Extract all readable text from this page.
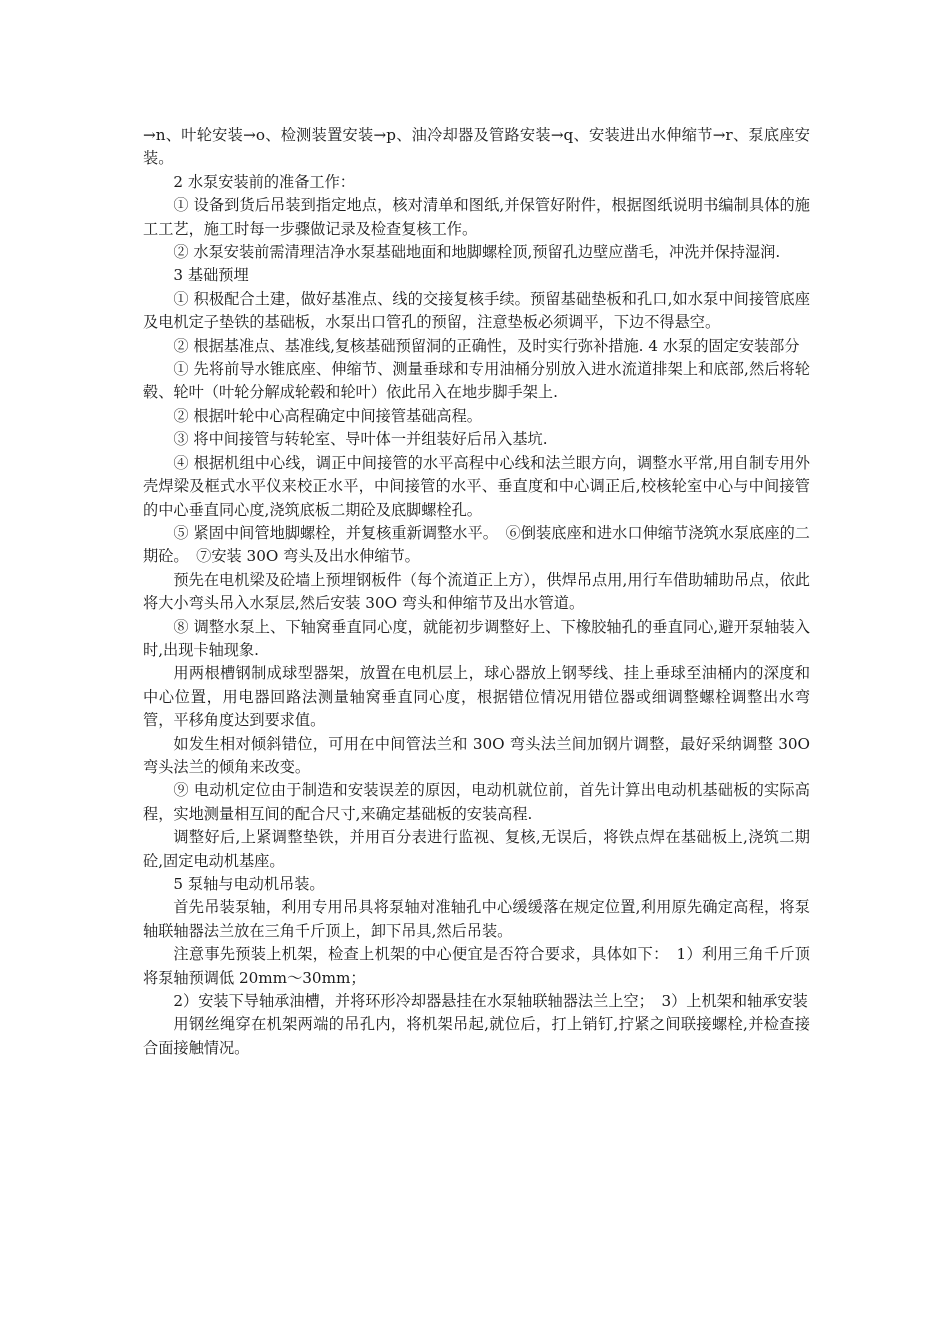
→n、叶轮安装→o、检测装置安装→p、油冷却器及管路安装→q、安装进出水伸缩节→r、泵底座安装。

2 水泵安装前的准备工作：

① 设备到货后吊装到指定地点，核对清单和图纸,并保管好附件，根据图纸说明书编制具体的施工工艺，施工时每一步骤做记录及检查复核工作。

② 水泵安装前需清理洁净水泵基础地面和地脚螺栓顶,预留孔边壁应凿毛，冲洗并保持湿润.

3 基础预埋

① 积极配合土建，做好基准点、线的交接复核手续。预留基础垫板和孔口,如水泵中间接管底座及电机定子垫铁的基础板，水泵出口管孔的预留，注意垫板必须调平，下边不得悬空。

② 根据基准点、基准线,复核基础预留洞的正确性，及时实行弥补措施. 4 水泵的固定安装部分

① 先将前导水锥底座、伸缩节、测量垂球和专用油桶分别放入进水流道排架上和底部,然后将轮毂、轮叶（叶轮分解成轮毂和轮叶）依此吊入在地步脚手架上.

② 根据叶轮中心高程确定中间接管基础高程。

③ 将中间接管与转轮室、导叶体一并组装好后吊入基坑.

④ 根据机组中心线，调正中间接管的水平高程中心线和法兰眼方向，调整水平常,用自制专用外壳焊梁及框式水平仪来校正水平，中间接管的水平、垂直度和中心调正后,校核轮室中心与中间接管的中心垂直同心度,浇筑底板二期砼及底脚螺栓孔。

⑤ 紧固中间管地脚螺栓，并复核重新调整水平。　⑥倒装底座和进水口伸缩节浇筑水泵底座的二期砼。　⑦安装 30O 弯头及出水伸缩节。

预先在电机梁及砼墙上预埋钢板件（每个流道正上方），供焊吊点用,用行车借助辅助吊点，依此将大小弯头吊入水泵层,然后安装 30O 弯头和伸缩节及出水管道。

⑧ 调整水泵上、下轴窝垂直同心度，就能初步调整好上、下橡胶轴孔的垂直同心,避开泵轴装入时,出现卡轴现象.

用两根槽钢制成球型器架，放置在电机层上，球心器放上钢琴线、挂上垂球至油桶内的深度和中心位置，用电器回路法测量轴窝垂直同心度，根据错位情况用错位器或细调整螺栓调整出水弯管，平移角度达到要求值。

如发生相对倾斜错位，可用在中间管法兰和 30O 弯头法兰间加钢片调整，最好采纳调整 30O 弯头法兰的倾角来改变。

⑨ 电动机定位由于制造和安装误差的原因，电动机就位前，首先计算出电动机基础板的实际高程，实地测量相互间的配合尺寸,来确定基础板的安装高程.

调整好后,上紧调整垫铁，并用百分表进行监视、复核,无误后，将铁点焊在基础板上,浇筑二期砼,固定电动机基座。

5 泵轴与电动机吊装。

首先吊装泵轴，利用专用吊具将泵轴对准轴孔中心缓缓落在规定位置,利用原先确定高程，将泵轴联轴器法兰放在三角千斤顶上，卸下吊具,然后吊装。

注意事先预装上机架，检查上机架的中心便宜是否符合要求，具体如下：　1）利用三角千斤顶将泵轴预调低 20mm～30mm；

2）安装下导轴承油槽，并将环形冷却器悬挂在水泵轴联轴器法兰上空；　3）上机架和轴承安装

用钢丝绳穿在机架两端的吊孔内，将机架吊起,就位后，打上销钉,拧紧之间联接螺栓,并检查接合面接触情况。
